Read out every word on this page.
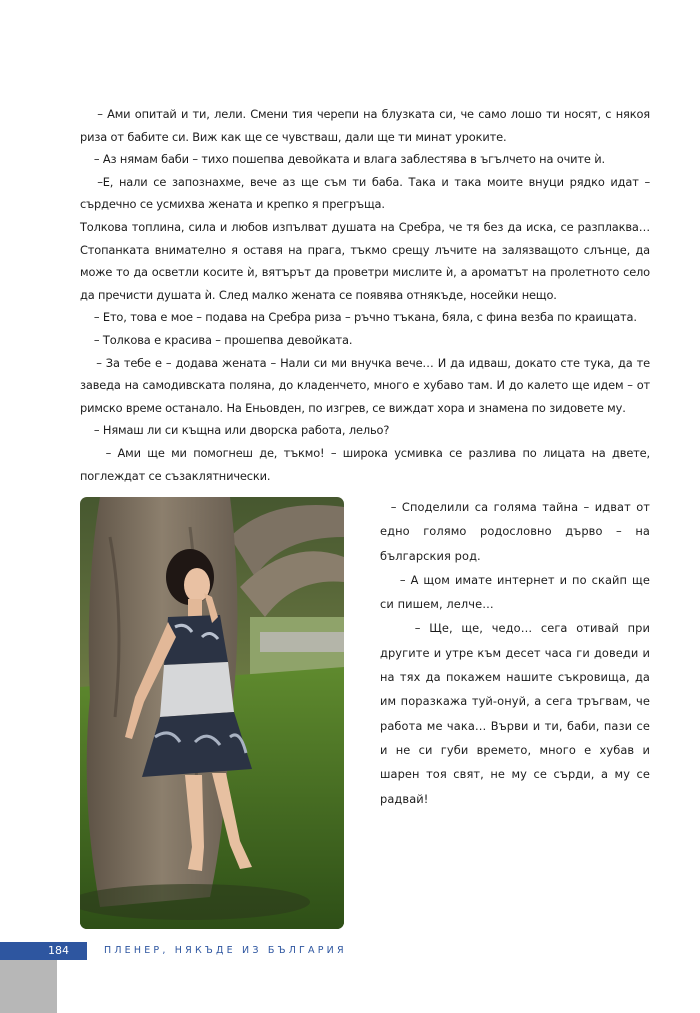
– Ами опитай и ти, лели. Смени тия черепи на блузката си, че само лошо ти носят, с някоя риза от бабите си. Виж как ще се чувстваш, дали ще ти минат уроките.

– Аз нямам баби – тихо пошепва девойката и влага заблестява в ъгълчето на очите ѝ.

–Е, нали се запознахме, вече аз ще съм ти баба. Така и така моите внуци рядко идат – сърдечно се усмихва жената и крепко я прегръща.

Толкова топлина, сила и любов изпълват душата на Сребра, че тя без да иска, се разплаква… Стопанката внимателно я оставя на прага, тъкмо срещу лъчите на залязващото слънце, да може то да осветли косите ѝ, вятърът да проветри мислите ѝ, а ароматът на пролетното село да пречисти душата ѝ. След малко жената се появява отнякъде, носейки нещо.

– Ето, това е мое – подава на Сребра риза – ръчно тъкана, бяла, с фина везба по краищата.

– Толкова е красива – прошепва девойката.

– За тебе е – додава жената – Нали си ми внучка вече… И да идваш, докато сте тука, да те заведа на самодивската поляна, до кладенчето, много е хубаво там. И до калето ще идем – от римско време останало. На Еньовден, по изгрев, се виждат хора и знамена по зидовете му.

– Нямаш ли си къщна или дворска работа, лельо?

– Ами ще ми помогнеш де, тъкмо! – широка усмивка се разлива по лицата на двете, поглеждат се съзаклятнически.

– Споделили са голяма тайна – идват от едно голямо родословно дърво – на българския род.

– А щом имате интернет и по скайп ще си пишем, лелче…

– Ще, ще, чедо… сега отивай при другите и утре към десет часа ги доведи и на тях да покажем нашите съкровища, да им поразкажа туй-онуй, а сега тръгвам, че работа ме чака… Върви и ти, баби, пази се и не си губи времето, много е хубав и шарен тоя свят, не му се сърди, а му се радвай!

184	ПЛЕНЕР, НЯКЪДЕ ИЗ БЪЛГАРИЯ
